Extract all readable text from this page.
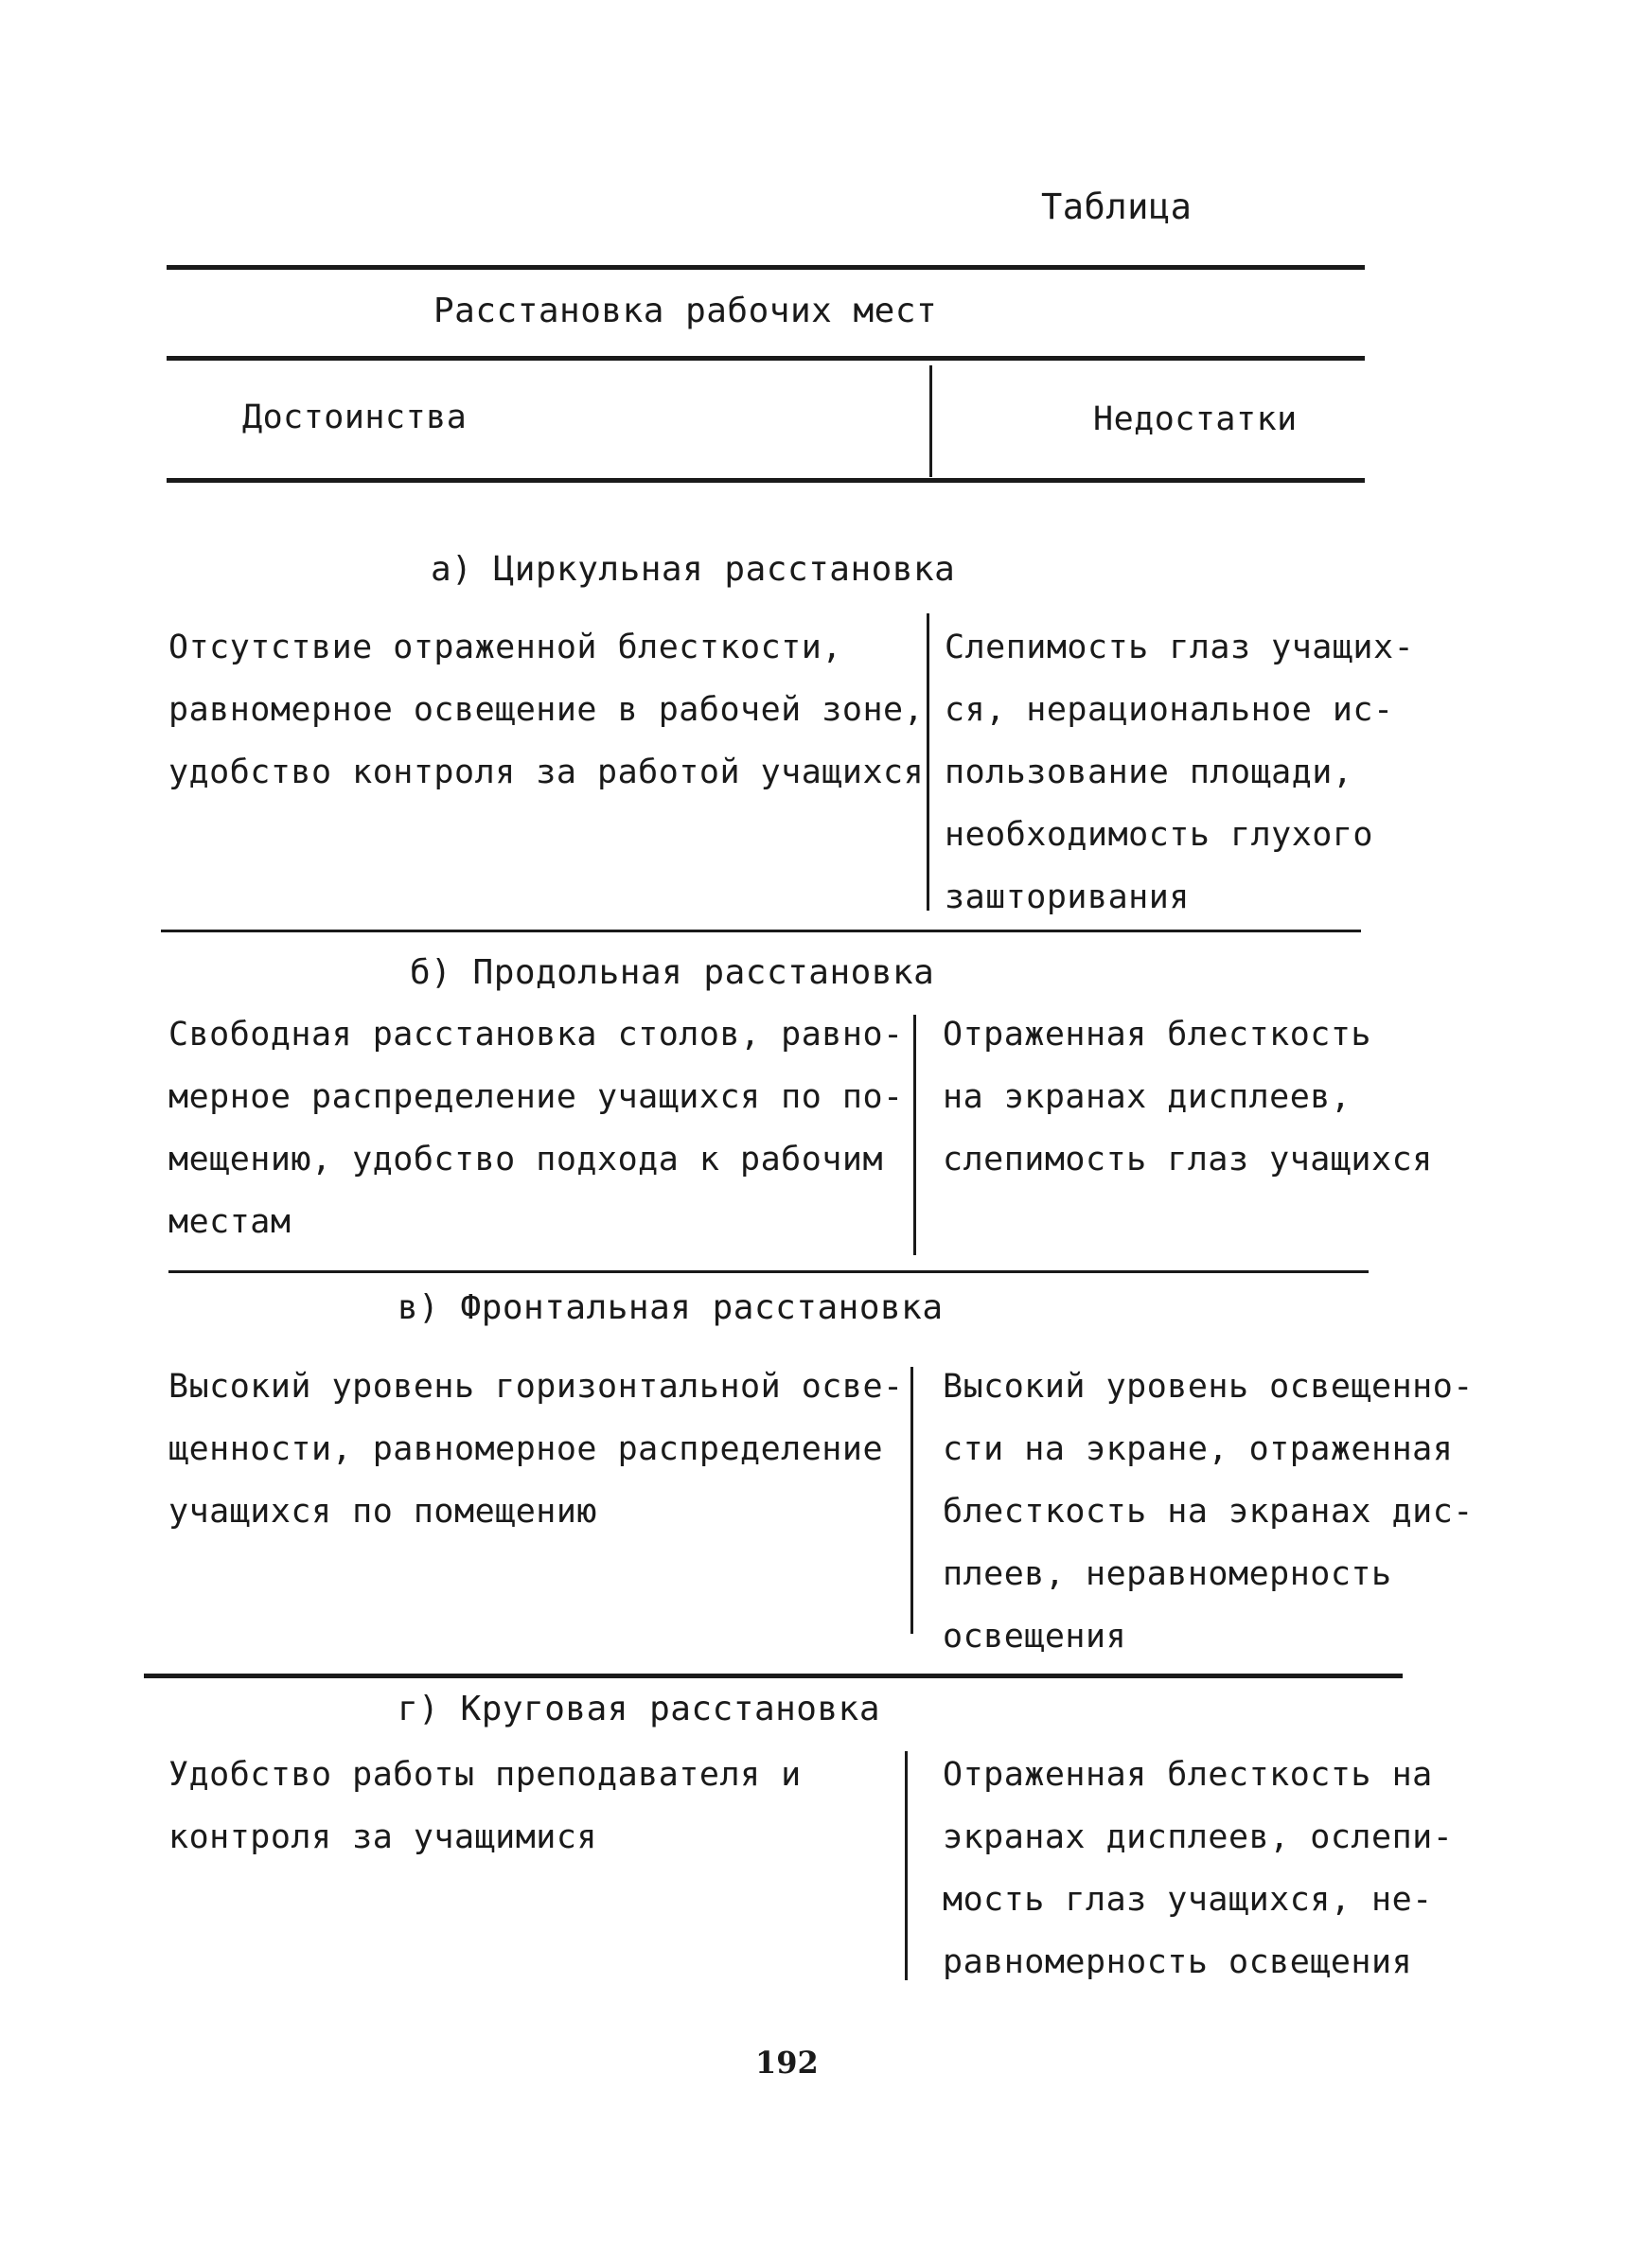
Таблица
Расстановка рабочих мест
Достоинства	Недостатки
а) Циркульная расстановка
Отсутствие отраженной блесткости,
равномерное освещение в рабочей зоне,
удобство контроля за работой учащихся
Слепимость глаз учащих-
ся, нерациональное ис-
пользование площади,
необходимость глухого
зашторивания
б) Продольная расстановка
Свободная расстановка столов, равно-
мерное распределение учащихся по по-
мещению, удобство подхода к рабочим
местам
Отраженная блесткость
на экранах дисплеев,
слепимость глаз учащихся
в) Фронтальная расстановка
Высокий уровень горизонтальной осве-
щенности, равномерное распределение
учащихся по помещению
Высокий уровень освещенно-
сти на экране, отраженная
блесткость на экранах дис-
плеев, неравномерность
освещения
г) Круговая расстановка
Удобство работы преподавателя и
контроля за учащимися
Отраженная блесткость на
экранах дисплеев, ослепи-
мость глаз учащихся, не-
равномерность освещения
192
